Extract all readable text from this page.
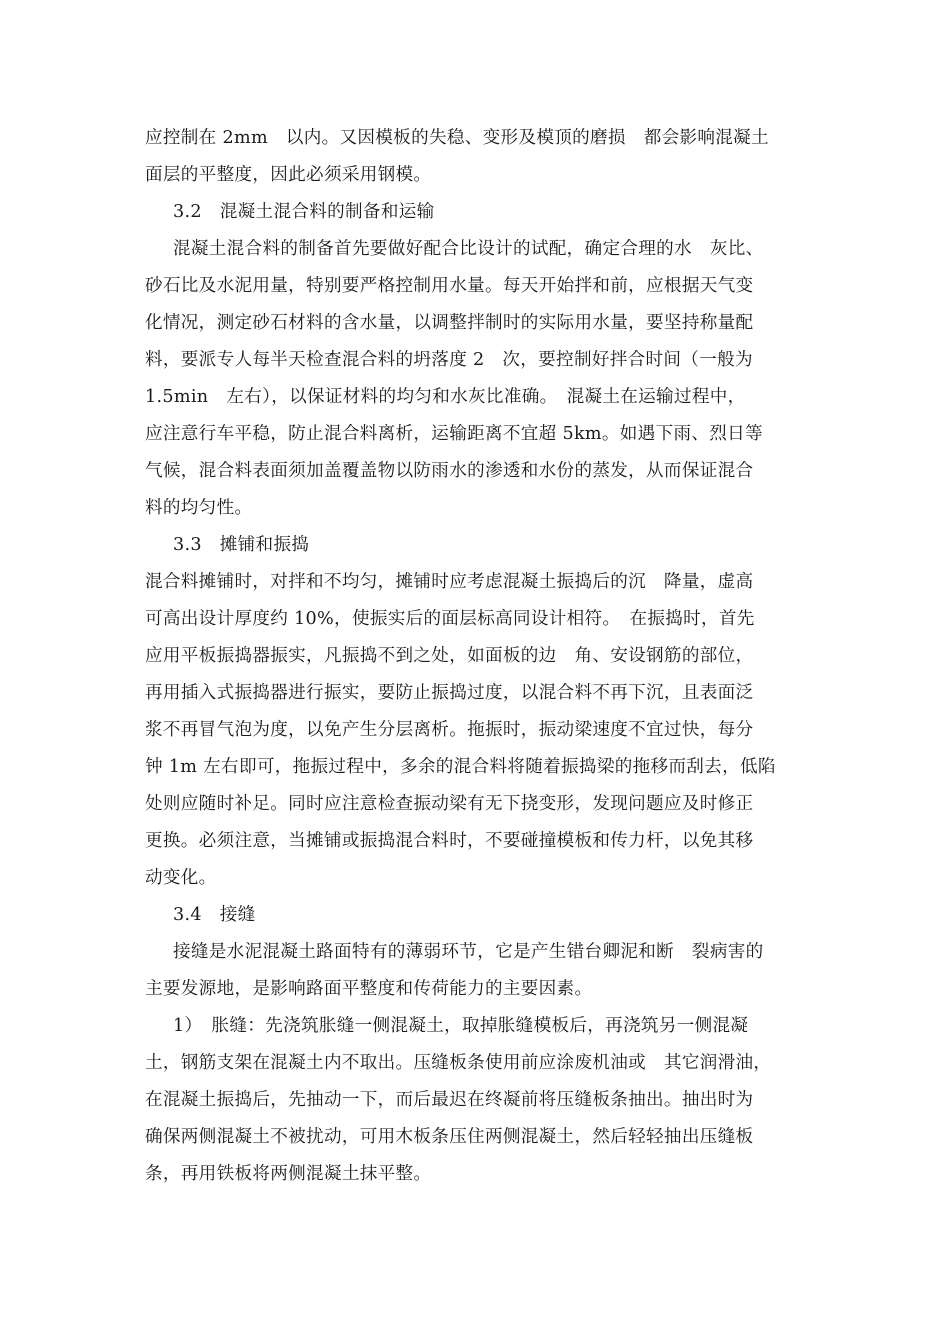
应控制在 2mm　以内。又因模板的失稳、变形及模顶的磨损　都会影响混凝土
面层的平整度，因此必须采用钢模。
3.2　混凝土混合料的制备和运输
混凝土混合料的制备首先要做好配合比设计的试配，确定合理的水　灰比、
砂石比及水泥用量，特别要严格控制用水量。每天开始拌和前，应根据天气变
化情况，测定砂石材料的含水量，以调整拌制时的实际用水量，要坚持称量配
料，要派专人每半天检查混合料的坍落度 2　次，要控制好拌合时间（一般为
1.5min　左右），以保证材料的均匀和水灰比准确。　混凝土在运输过程中，
应注意行车平稳，防止混合料离析，运输距离不宜超 5km。如遇下雨、烈日等
气候，混合料表面须加盖覆盖物以防雨水的渗透和水份的蒸发，从而保证混合
料的均匀性。
3.3　摊铺和振捣
混合料摊铺时，对拌和不均匀，摊铺时应考虑混凝土振捣后的沉　降量，虚高
可高出设计厚度约 10%，使振实后的面层标高同设计相符。　在振捣时，首先
应用平板振捣器振实，凡振捣不到之处，如面板的边　角、安设钢筋的部位，
再用插入式振捣器进行振实，要防止振捣过度，以混合料不再下沉，且表面泛
浆不再冒气泡为度，以免产生分层离析。拖振时，振动梁速度不宜过快，每分
钟 1m 左右即可，拖振过程中，多余的混合料将随着振捣梁的拖移而刮去，低陷
处则应随时补足。同时应注意检查振动梁有无下挠变形，发现问题应及时修正
更换。必须注意，当摊铺或振捣混合料时，不要碰撞模板和传力杆，以免其移
动变化。
3.4　接缝
接缝是水泥混凝土路面特有的薄弱环节，它是产生错台卿泥和断　裂病害的
主要发源地，是影响路面平整度和传荷能力的主要因素。
1）　胀缝：先浇筑胀缝一侧混凝土，取掉胀缝模板后，再浇筑另一侧混凝
土，钢筋支架在混凝土内不取出。压缝板条使用前应涂废机油或　其它润滑油，
在混凝土振捣后，先抽动一下，而后最迟在终凝前将压缝板条抽出。抽出时为
确保两侧混凝土不被扰动，可用木板条压住两侧混凝土，然后轻轻抽出压缝板
条，再用铁板将两侧混凝土抹平整。
